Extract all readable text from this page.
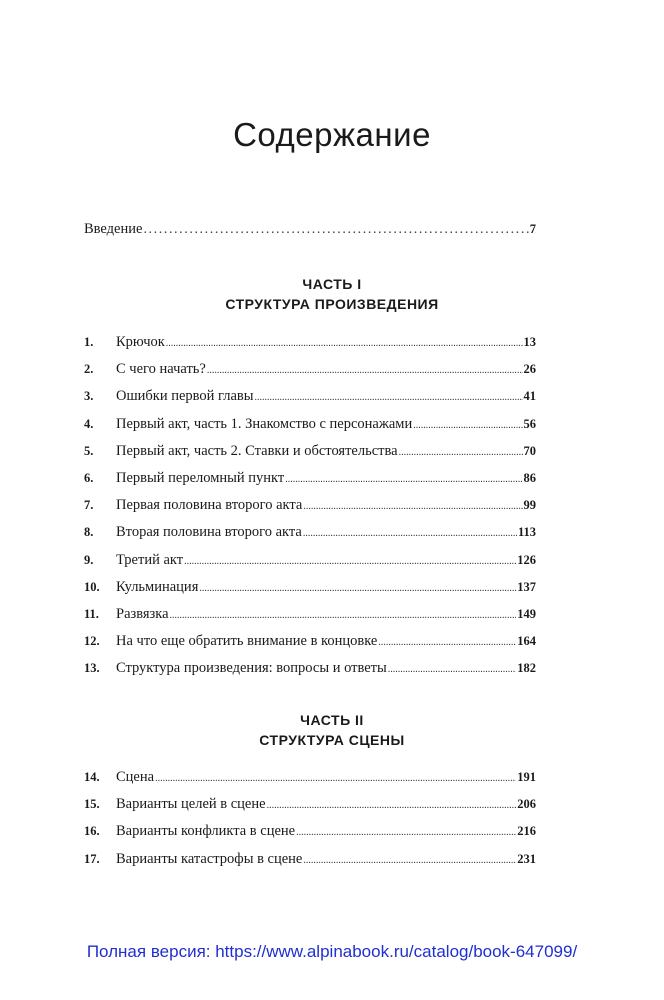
Содержание
Введение .....	7
ЧАСТЬ I
СТРУКТУРА ПРОИЗВЕДЕНИЯ
1.	Крючок .....	13
2.	С чего начать? .....	26
3.	Ошибки первой главы .....	41
4.	Первый акт, часть 1. Знакомство с персонажами .....	56
5.	Первый акт, часть 2. Ставки и обстоятельства .....	70
6.	Первый переломный пункт .....	86
7.	Первая половина второго акта .....	99
8.	Вторая половина второго акта .....	113
9.	Третий акт .....	126
10.	Кульминация .....	137
11.	Развязка .....	149
12.	На что еще обратить внимание в концовке .....	164
13.	Структура произведения: вопросы и ответы .....	182
ЧАСТЬ II
СТРУКТУРА СЦЕНЫ
14.	Сцена .....	191
15.	Варианты целей в сцене .....	206
16.	Варианты конфликта в сцене .....	216
17.	Варианты катастрофы в сцене .....	231
Полная версия: https://www.alpinabook.ru/catalog/book-647099/
